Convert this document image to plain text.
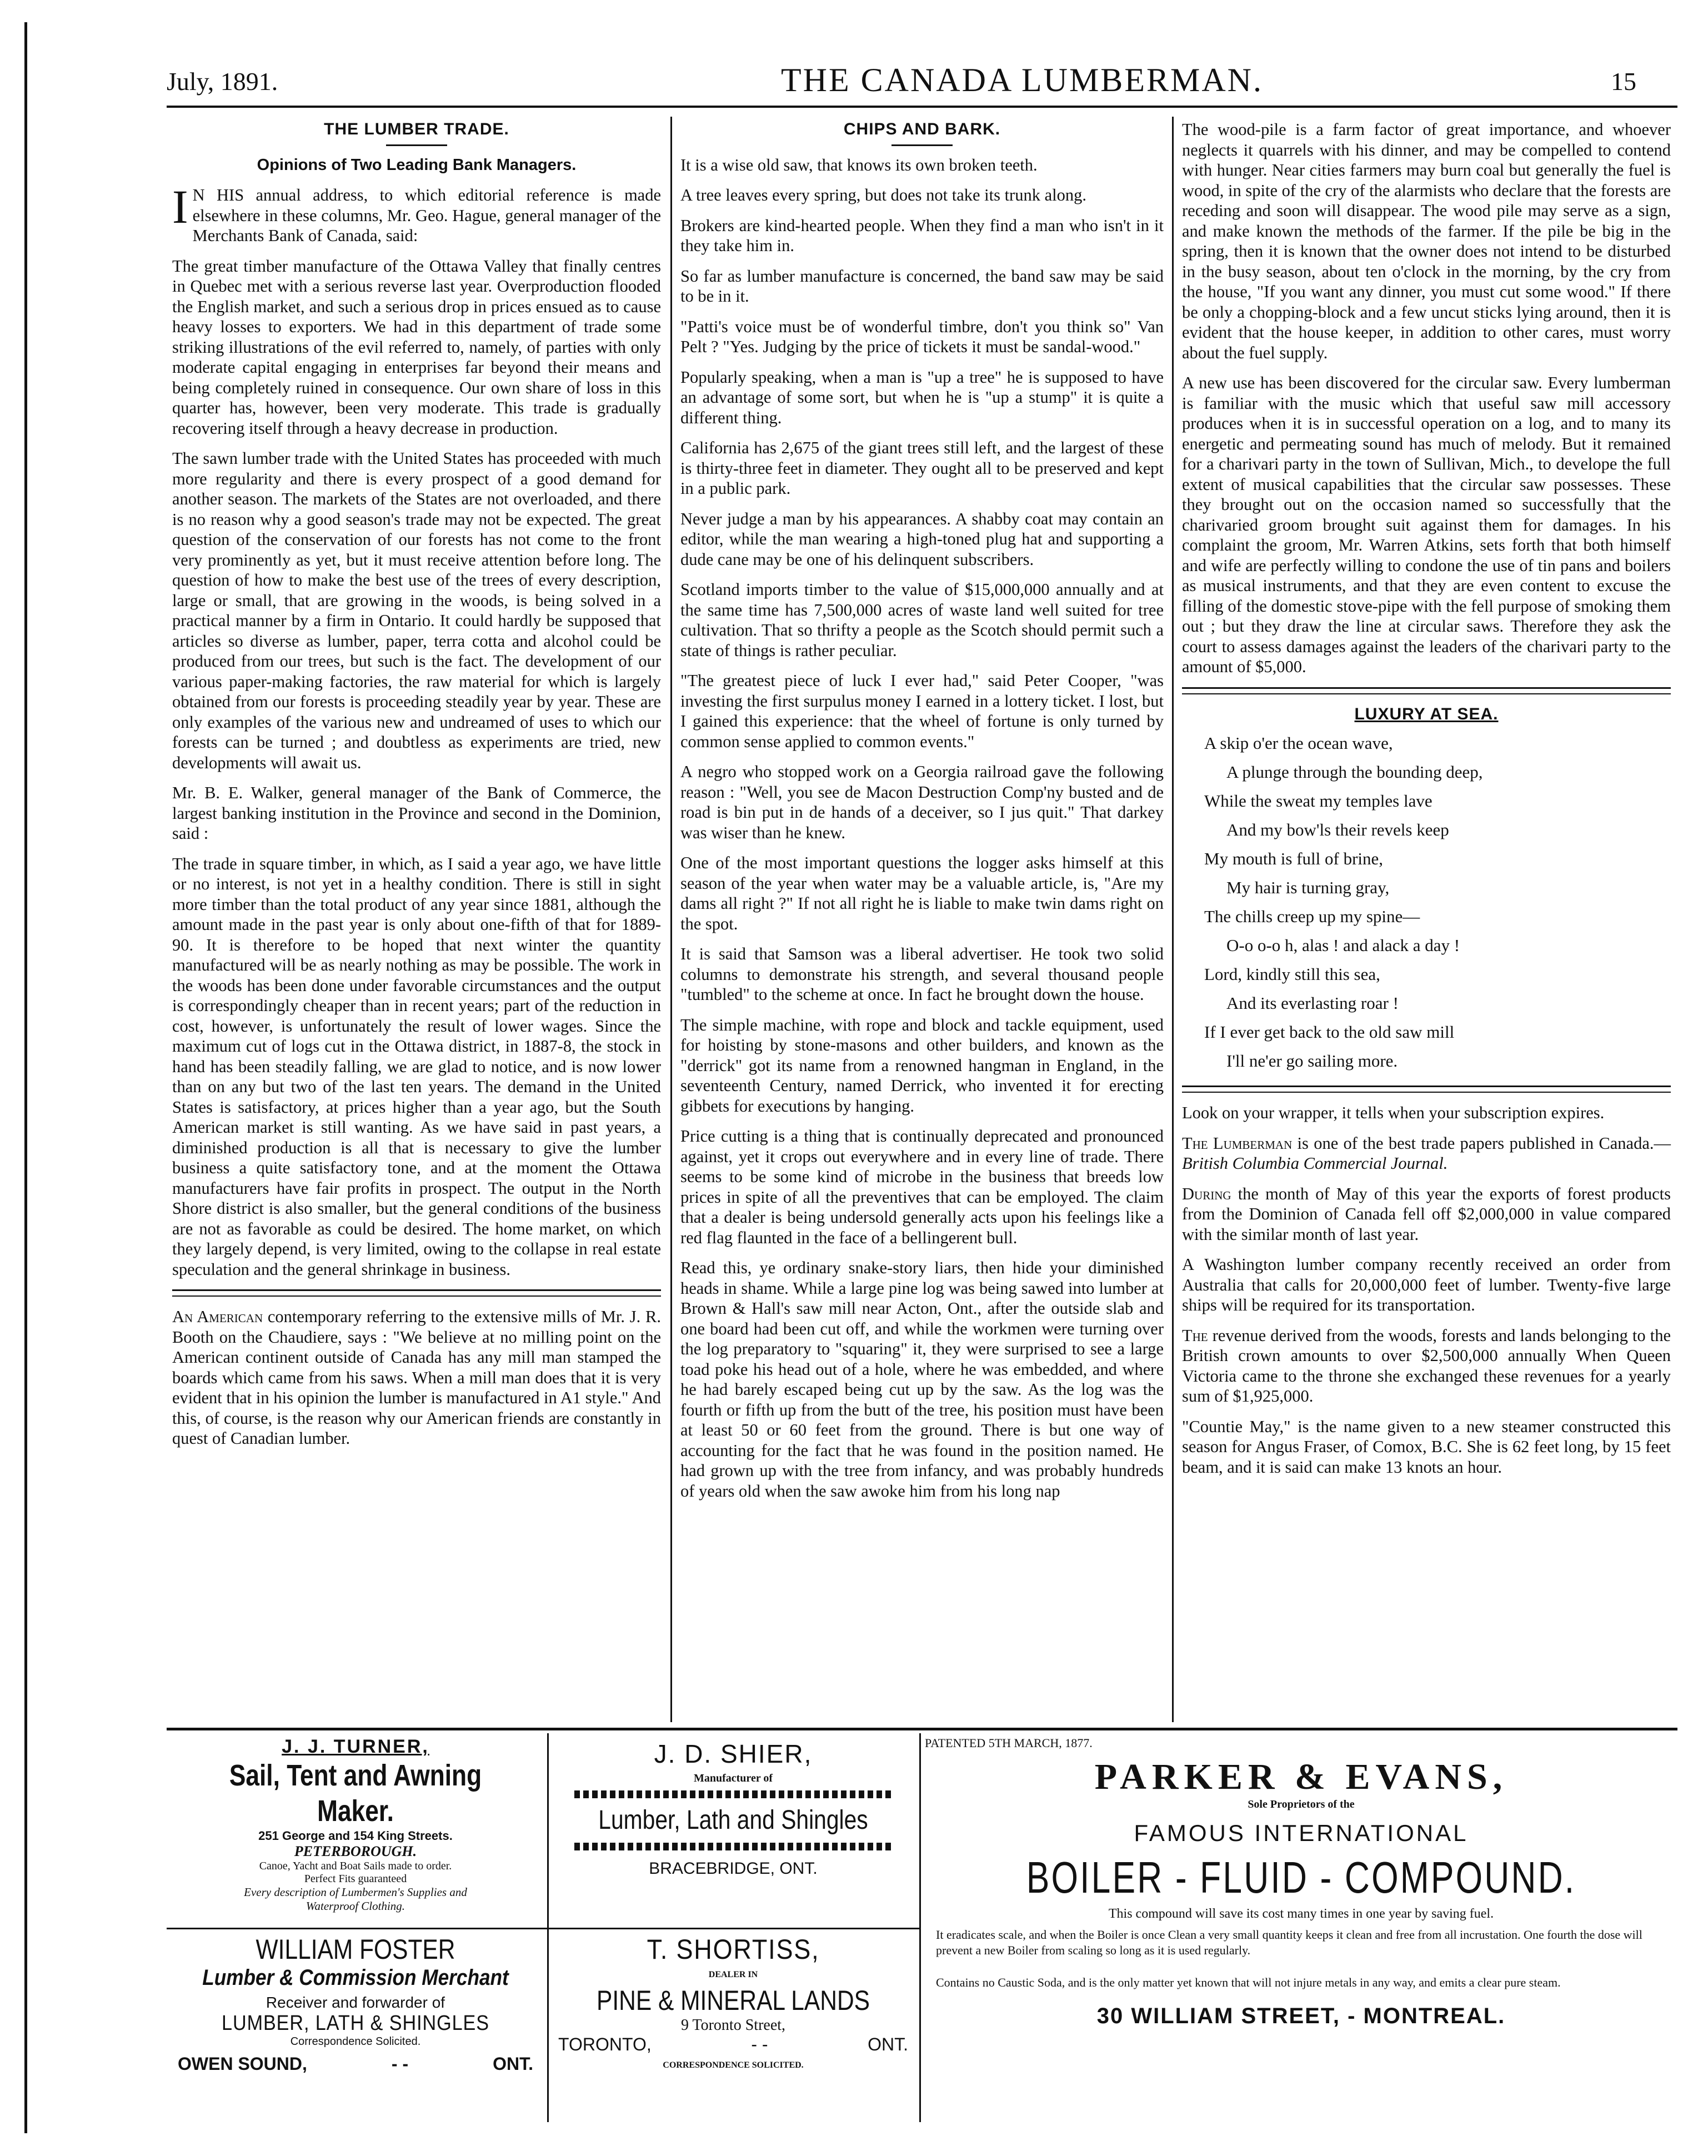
July, 1891.	THE CANADA LUMBERMAN.	15
THE LUMBER TRADE.
Opinions of Two Leading Bank Managers.

I N HIS annual address, to which editorial reference is made elsewhere in these columns, Mr. Geo. Hague, general manager of the Merchants Bank of Canada, said:

The great timber manufacture of the Ottawa Valley that finally centres in Quebec met with a serious reverse last year. Overproduction flooded the English market, and such a serious drop in prices ensued as to cause heavy losses to exporters. We had in this department of trade some striking illustrations of the evil referred to, namely, of parties with only moderate capital engaging in enterprises far beyond their means and being completely ruined in consequence. Our own share of loss in this quarter has, however, been very moderate. This trade is gradually recovering itself through a heavy decrease in production.

The sawn lumber trade with the United States has proceeded with much more regularity and there is every prospect of a good demand for another season. The markets of the States are not overloaded, and there is no reason why a good season's trade may not be expected. The great question of the conservation of our forests has not come to the front very prominently as yet, but it must receive attention before long. The question of how to make the best use of the trees of every description, large or small, that are growing in the woods, is being solved in a practical manner by a firm in Ontario. It could hardly be supposed that articles so diverse as lumber, paper, terra cotta and alcohol could be produced from our trees, but such is the fact. The development of our various paper-making factories, the raw material for which is largely obtained from our forests is proceeding steadily year by year. These are only examples of the various new and undreamed of uses to which our forests can be turned ; and doubtless as experiments are tried, new developments will await us.

Mr. B. E. Walker, general manager of the Bank of Commerce, the largest banking institution in the Province and second in the Dominion, said :

The trade in square timber, in which, as I said a year ago, we have little or no interest, is not yet in a healthy condition. There is still in sight more timber than the total product of any year since 1881, although the amount made in the past year is only about one-fifth of that for 1889-90. It is therefore to be hoped that next winter the quantity manufactured will be as nearly nothing as may be possible. The work in the woods has been done under favorable circumstances and the output is correspondingly cheaper than in recent years; part of the reduction in cost, however, is unfortunately the result of lower wages. Since the maximum cut of logs cut in the Ottawa district, in 1887-8, the stock in hand has been steadily falling, we are glad to notice, and is now lower than on any but two of the last ten years. The demand in the United States is satisfactory, at prices higher than a year ago, but the South American market is still wanting. As we have said in past years, a diminished production is all that is necessary to give the lumber business a quite satisfactory tone, and at the moment the Ottawa manufacturers have fair profits in prospect. The output in the North Shore district is also smaller, but the general conditions of the business are not as favorable as could be desired. The home market, on which they largely depend, is very limited, owing to the collapse in real estate speculation and the general shrinkage in business.

An American contemporary referring to the extensive mills of Mr. J. R. Booth on the Chaudiere, says : "We believe at no milling point on the American continent outside of Canada has any mill man stamped the boards which came from his saws. When a mill man does that it is very evident that in his opinion the lumber is manufactured in A1 style." And this, of course, is the reason why our American friends are constantly in quest of Canadian lumber.

CHIPS AND BARK.

It is a wise old saw, that knows its own broken teeth.

A tree leaves every spring, but does not take its trunk along.

Brokers are kind-hearted people. When they find a man who isn't in it they take him in.

So far as lumber manufacture is concerned, the band saw may be said to be in it.

"Patti's voice must be of wonderful timbre, don't you think so" Van Pelt ? "Yes. Judging by the price of tickets it must be sandal-wood."

Popularly speaking, when a man is "up a tree" he is supposed to have an advantage of some sort, but when he is "up a stump" it is quite a different thing.

California has 2,675 of the giant trees still left, and the largest of these is thirty-three feet in diameter. They ought all to be preserved and kept in a public park.

Never judge a man by his appearances. A shabby coat may contain an editor, while the man wearing a high-toned plug hat and supporting a dude cane may be one of his delinquent subscribers.

Scotland imports timber to the value of $15,000,000 annually and at the same time has 7,500,000 acres of waste land well suited for tree cultivation. That so thrifty a people as the Scotch should permit such a state of things is rather peculiar.

"The greatest piece of luck I ever had," said Peter Cooper, "was investing the first surpulus money I earned in a lottery ticket. I lost, but I gained this experience: that the wheel of fortune is only turned by common sense applied to common events."

A negro who stopped work on a Georgia railroad gave the following reason : "Well, you see de Macon Destruction Comp'ny busted and de road is bin put in de hands of a deceiver, so I jus quit." That darkey was wiser than he knew.

One of the most important questions the logger asks himself at this season of the year when water may be a valuable article, is, "Are my dams all right ?" If not all right he is liable to make twin dams right on the spot.

It is said that Samson was a liberal advertiser. He took two solid columns to demonstrate his strength, and several thousand people "tumbled" to the scheme at once. In fact he brought down the house.

The simple machine, with rope and block and tackle equipment, used for hoisting by stone-masons and other builders, and known as the "derrick" got its name from a renowned hangman in England, in the seventeenth Century, named Derrick, who invented it for erecting gibbets for executions by hanging.

Price cutting is a thing that is continually deprecated and pronounced against, yet it crops out everywhere and in every line of trade. There seems to be some kind of microbe in the business that breeds low prices in spite of all the preventives that can be employed. The claim that a dealer is being undersold generally acts upon his feelings like a red flag flaunted in the face of a bellingerent bull.

Read this, ye ordinary snake-story liars, then hide your diminished heads in shame. While a large pine log was being sawed into lumber at Brown & Hall's saw mill near Acton, Ont., after the outside slab and one board had been cut off, and while the workmen were turning over the log preparatory to "squaring" it, they were surprised to see a large toad poke his head out of a hole, where he was embedded, and where he had barely escaped being cut up by the saw. As the log was the fourth or fifth up from the butt of the tree, his position must have been at least 50 or 60 feet from the ground. There is but one way of accounting for the fact that he was found in the position named. He had grown up with the tree from infancy, and was probably hundreds of years old when the saw awoke him from his long nap

The wood-pile is a farm factor of great importance, and whoever neglects it quarrels with his dinner, and may be compelled to contend with hunger. Near cities farmers may burn coal but generally the fuel is wood, in spite of the cry of the alarmists who declare that the forests are receding and soon will disappear. The wood pile may serve as a sign, and make known the methods of the farmer. If the pile be big in the spring, then it is known that the owner does not intend to be disturbed in the busy season, about ten o'clock in the morning, by the cry from the house, "If you want any dinner, you must cut some wood." If there be only a chopping-block and a few uncut sticks lying around, then it is evident that the house keeper, in addition to other cares, must worry about the fuel supply.

A new use has been discovered for the circular saw. Every lumberman is familiar with the music which that useful saw mill accessory produces when it is in successful operation on a log, and to many its energetic and permeating sound has much of melody. But it remained for a charivari party in the town of Sullivan, Mich., to develope the full extent of musical capabilities that the circular saw possesses. These they brought out on the occasion named so successfully that the charivaried groom brought suit against them for damages. In his complaint the groom, Mr. Warren Atkins, sets forth that both himself and wife are perfectly willing to condone the use of tin pans and boilers as musical instruments, and that they are even content to excuse the filling of the domestic stove-pipe with the fell purpose of smoking them out ; but they draw the line at circular saws. Therefore they ask the court to assess damages against the leaders of the charivari party to the amount of $5,000.

LUXURY AT SEA.
A skip o'er the ocean wave,
A plunge through the bounding deep,
While the sweat my temples lave
And my bow'ls their revels keep
My mouth is full of brine,
My hair is turning gray,
The chills creep up my spine—
O-o o-o h, alas ! and alack a day !
Lord, kindly still this sea,
And its everlasting roar !
If I ever get back to the old saw mill
I'll ne'er go sailing more.

Look on your wrapper, it tells when your subscription expires.

The Lumberman is one of the best trade papers published in Canada.—British Columbia Commercial Journal.

During the month of May of this year the exports of forest products from the Dominion of Canada fell off $2,000,000 in value compared with the similar month of last year.

A Washington lumber company recently received an order from Australia that calls for 20,000,000 feet of lumber. Twenty-five large ships will be required for its transportation.

The revenue derived from the woods, forests and lands belonging to the British crown amounts to over $2,500,000 annually When Queen Victoria came to the throne she exchanged these revenues for a yearly sum of $1,925,000.

"Countie May," is the name given to a new steamer constructed this season for Angus Fraser, of Comox, B.C. She is 62 feet long, by 15 feet beam, and it is said can make 13 knots an hour.

J. J. TURNER,
Sail, Tent and Awning Maker.
251 George and 154 King Streets.
PETERBOROUGH.
Canoe, Yacht and Boat Sails made to order.
Perfect Fits guaranteed
Every description of Lumbermen's Supplies and Waterproof Clothing.
J. D. SHIER,
Manufacturer of
Lumber, Lath and Shingles
BRACEBRIDGE, ONT.
WILLIAM FOSTER
Lumber & Commission Merchant
Receiver and forwarder of
LUMBER, LATH & SHINGLES
Correspondence Solicited.
OWEN SOUND,	- -	ONT.
T. SHORTISS,
DEALER IN
PINE & MINERAL LANDS
9 Toronto Street,
TORONTO,	- -	ONT.
CORRESPONDENCE SOLICITED.
PATENTED 5TH MARCH, 1877.
PARKER & EVANS,
Sole Proprietors of the
FAMOUS INTERNATIONAL
BOILER - FLUID - COMPOUND.
This compound will save its cost many times in one year by saving fuel.
It eradicates scale, and when the Boiler is once Clean a very small quantity keeps it clean and free from all incrustation. One fourth the dose will prevent a new Boiler from scaling so long as it is used regularly.
Contains no Caustic Soda, and is the only matter yet known that will not injure metals in any way, and emits a clear pure steam.
30 WILLIAM STREET, - MONTREAL.
